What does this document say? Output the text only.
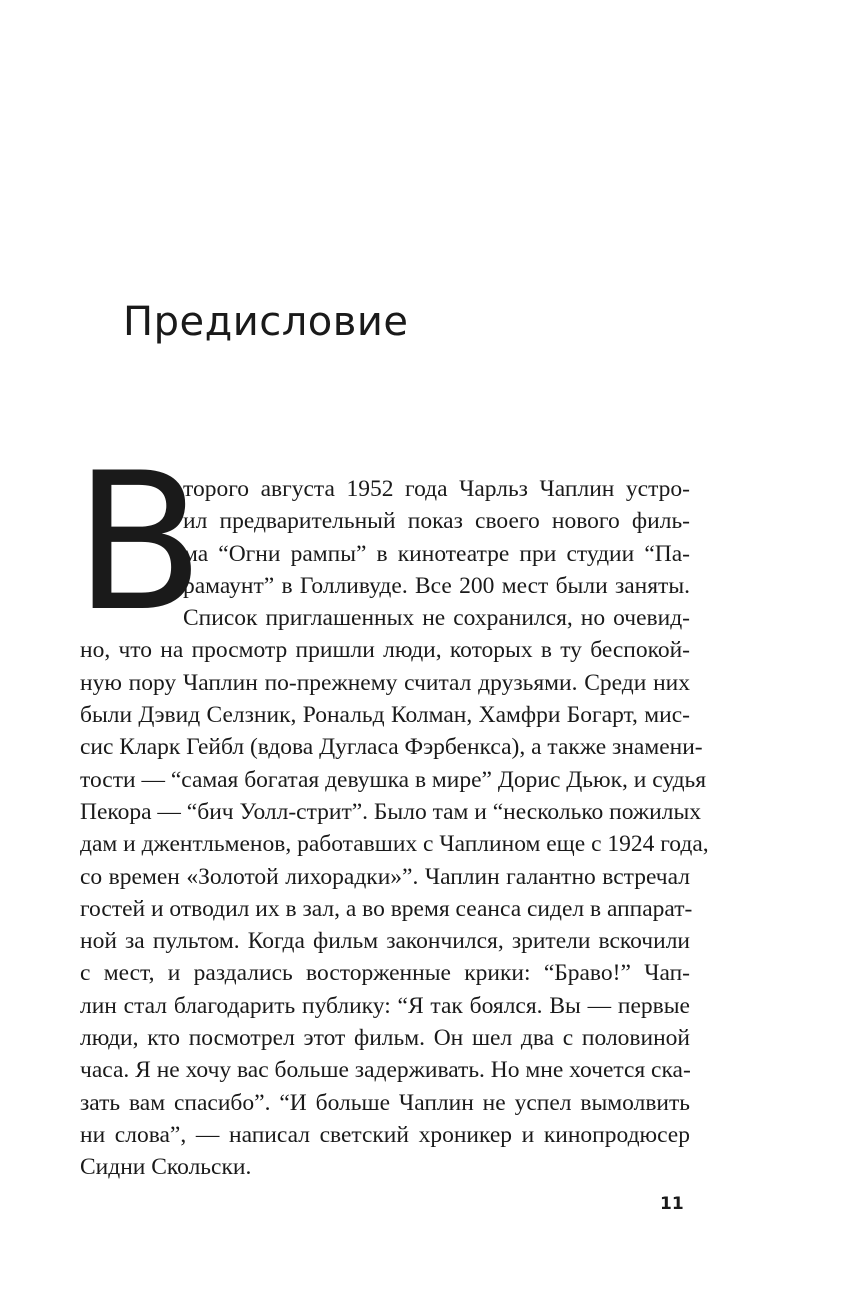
Предисловие
В
торого августа 1952 года Чарльз Чаплин устро-
ил предварительный показ своего нового филь-
ма “Огни рампы” в кинотеатре при студии “Па-
рамаунт” в Голливуде. Все 200 мест были заняты.
Список приглашенных не сохранился, но очевид-
но, что на просмотр пришли люди, которых в ту беспокой-
ную пору Чаплин по-прежнему считал друзьями. Среди них
были Дэвид Селзник, Рональд Колман, Хамфри Богарт, мис-
сис Кларк Гейбл (вдова Дугласа Фэрбенкса), а также знамени-
тости — “самая богатая девушка в мире” Дорис Дьюк, и судья
Пекора — “бич Уолл-стрит”. Было там и “несколько пожилых
дам и джентльменов, работавших с Чаплином еще с 1924 года,
со времен «Золотой лихорадки»”. Чаплин галантно встречал
гостей и отводил их в зал, а во время сеанса сидел в аппарат-
ной за пультом. Когда фильм закончился, зрители вскочили
с мест, и раздались восторженные крики: “Браво!” Чап-
лин стал благодарить публику: “Я так боялся. Вы — первые
люди, кто посмотрел этот фильм. Он шел два с половиной
часа. Я не хочу вас больше задерживать. Но мне хочется ска-
зать вам спасибо”. “И больше Чаплин не успел вымолвить
ни слова”, — написал светский хроникер и кинопродюсер
Сидни Скольски.
11
